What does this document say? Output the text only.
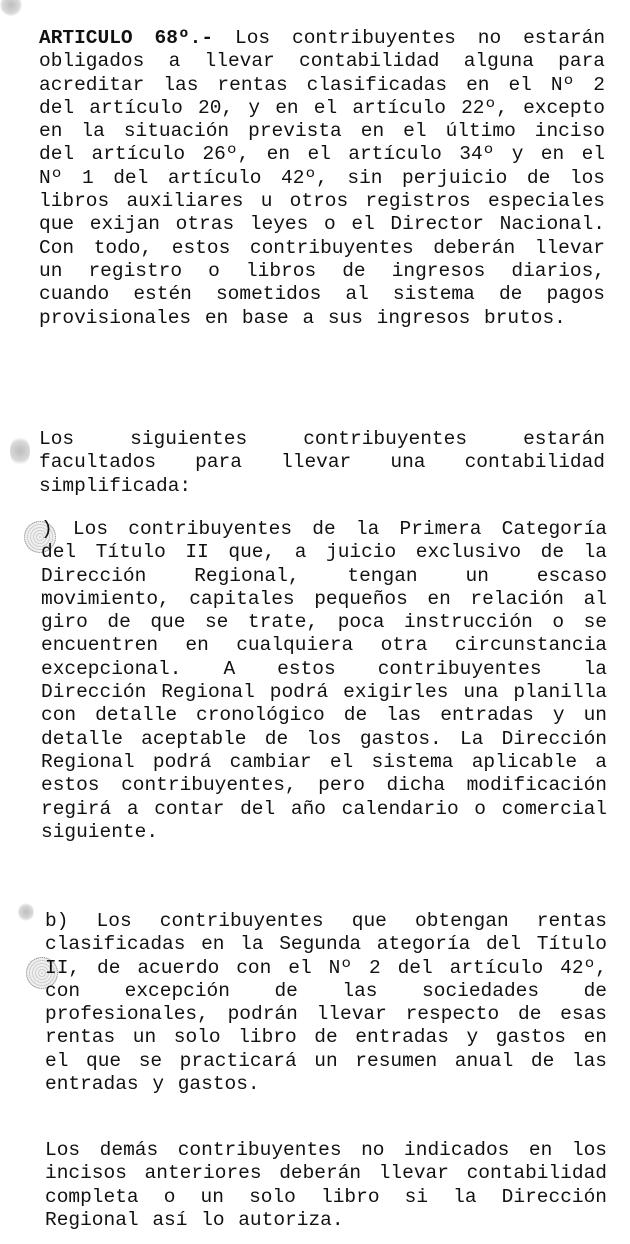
ARTICULO 68º.- Los contribuyentes no estarán obligados a llevar contabilidad alguna para acreditar las rentas clasificadas en el Nº 2 del artículo 20, y en el artículo 22º, excepto en la situación prevista en el último inciso del artículo 26º, en el artículo 34º y en el Nº 1 del artículo 42º, sin perjuicio de los libros auxiliares u otros registros especiales que exijan otras leyes o el Director Nacional. Con todo, estos contribuyentes deberán llevar un registro o libros de ingresos diarios, cuando estén sometidos al sistema de pagos provisionales en base a sus ingresos brutos.

Los siguientes contribuyentes estarán facultados para llevar una contabilidad simplificada:

) Los contribuyentes de la Primera Categoría del Título II que, a juicio exclusivo de la Dirección Regional, tengan un escaso movimiento, capitales pequeños en relación al giro de que se trate, poca instrucción o se encuentren en cualquiera otra circunstancia excepcional. A estos contribuyentes la Dirección Regional podrá exigirles una planilla con detalle cronológico de las entradas y un detalle aceptable de los gastos. La Dirección Regional podrá cambiar el sistema aplicable a estos contribuyentes, pero dicha modificación regirá a contar del año calendario o comercial siguiente.

b) Los contribuyentes que obtengan rentas clasificadas en la Segunda ategoría del Título II, de acuerdo con el Nº 2 del artículo 42º, con excepción de las sociedades de profesionales, podrán llevar respecto de esas rentas un solo libro de entradas y gastos en el que se practicará un resumen anual de las entradas y gastos.

Los demás contribuyentes no indicados en los incisos anteriores deberán llevar contabilidad completa o un solo libro si la Dirección Regional así lo autoriza.
